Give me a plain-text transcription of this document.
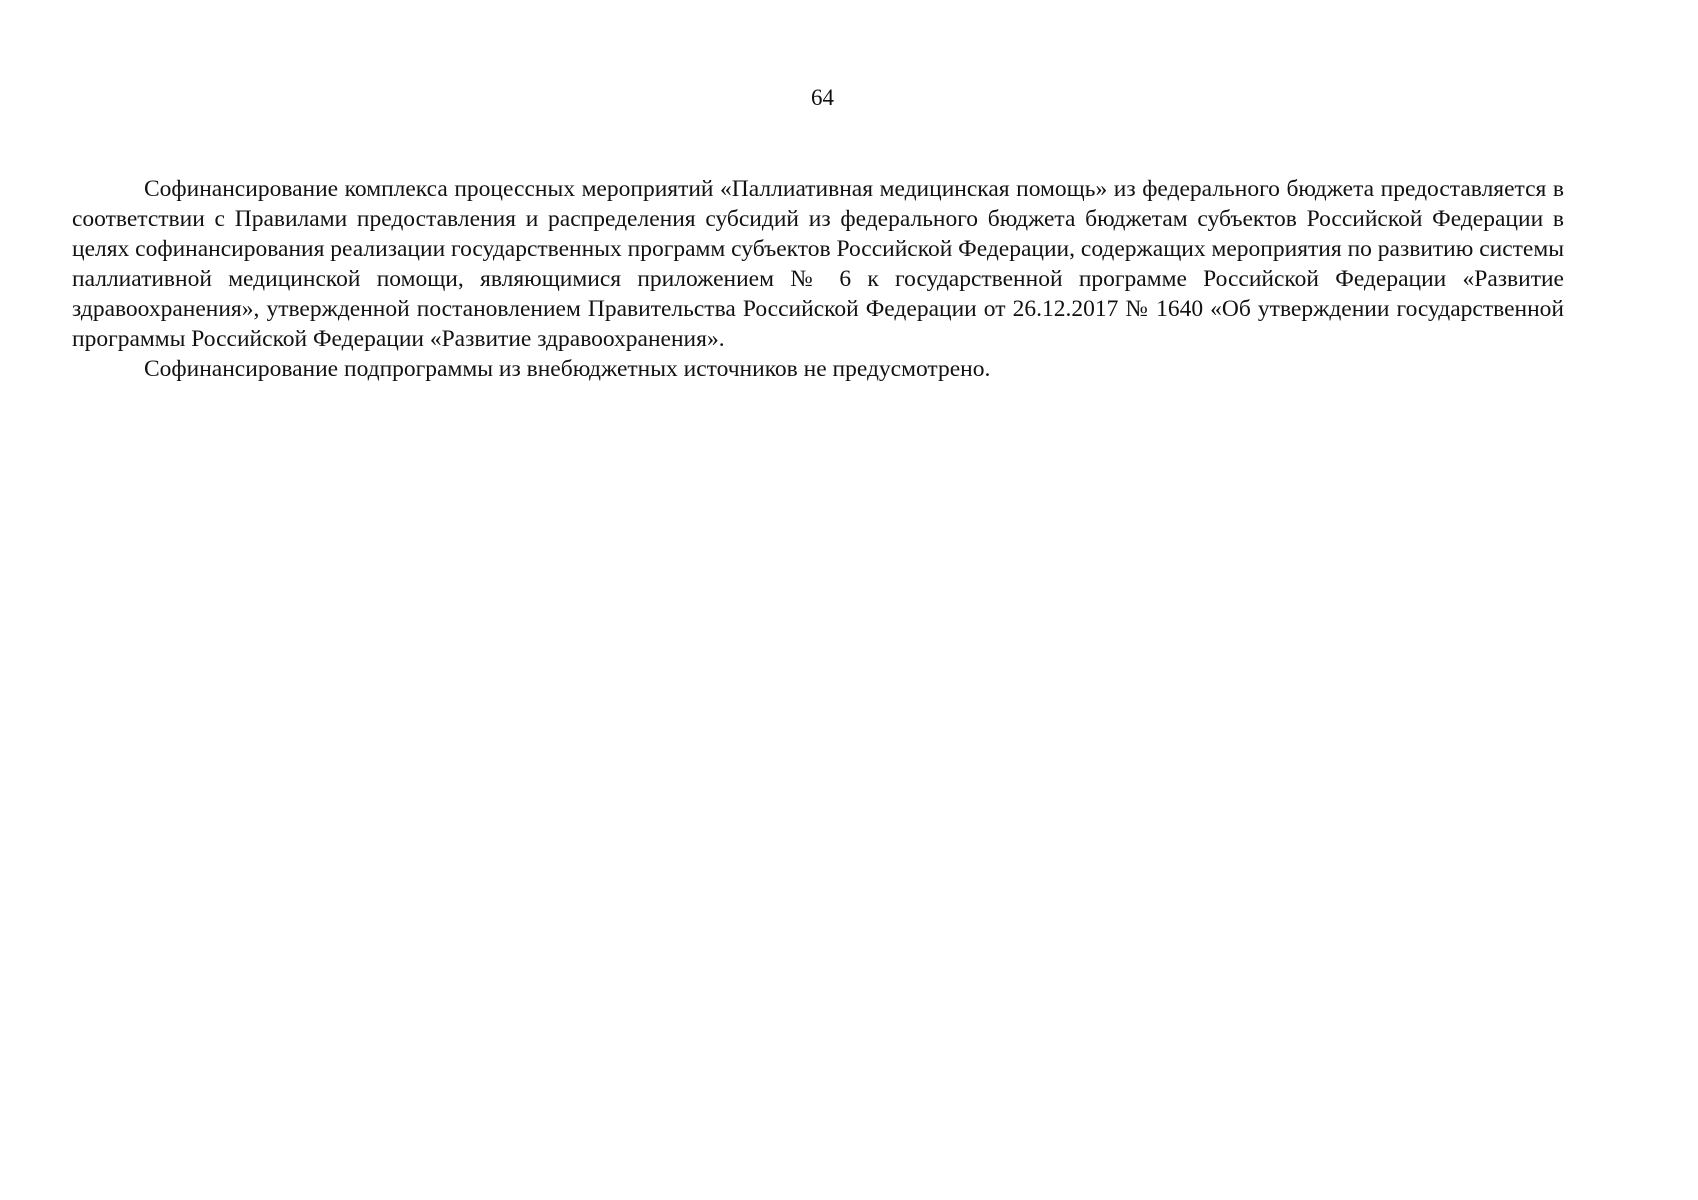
64

Софинансирование комплекса процессных мероприятий «Паллиативная медицинская помощь» из федерального бюджета предоставляется в соответствии с Правилами предоставления и распределения субсидий из федерального бюджета бюджетам субъектов Российской Федерации в целях софинансирования реализации государственных программ субъектов Российской Федерации, содержащих мероприятия по развитию системы паллиативной медицинской помощи, являющимися приложением № 6 к государственной программе Российской Федерации «Развитие здравоохранения», утвержденной постановлением Правительства Российской Федерации от 26.12.2017 № 1640 «Об утверждении государственной программы Российской Федерации «Развитие здравоохранения».

Софинансирование подпрограммы из внебюджетных источников не предусмотрено.
